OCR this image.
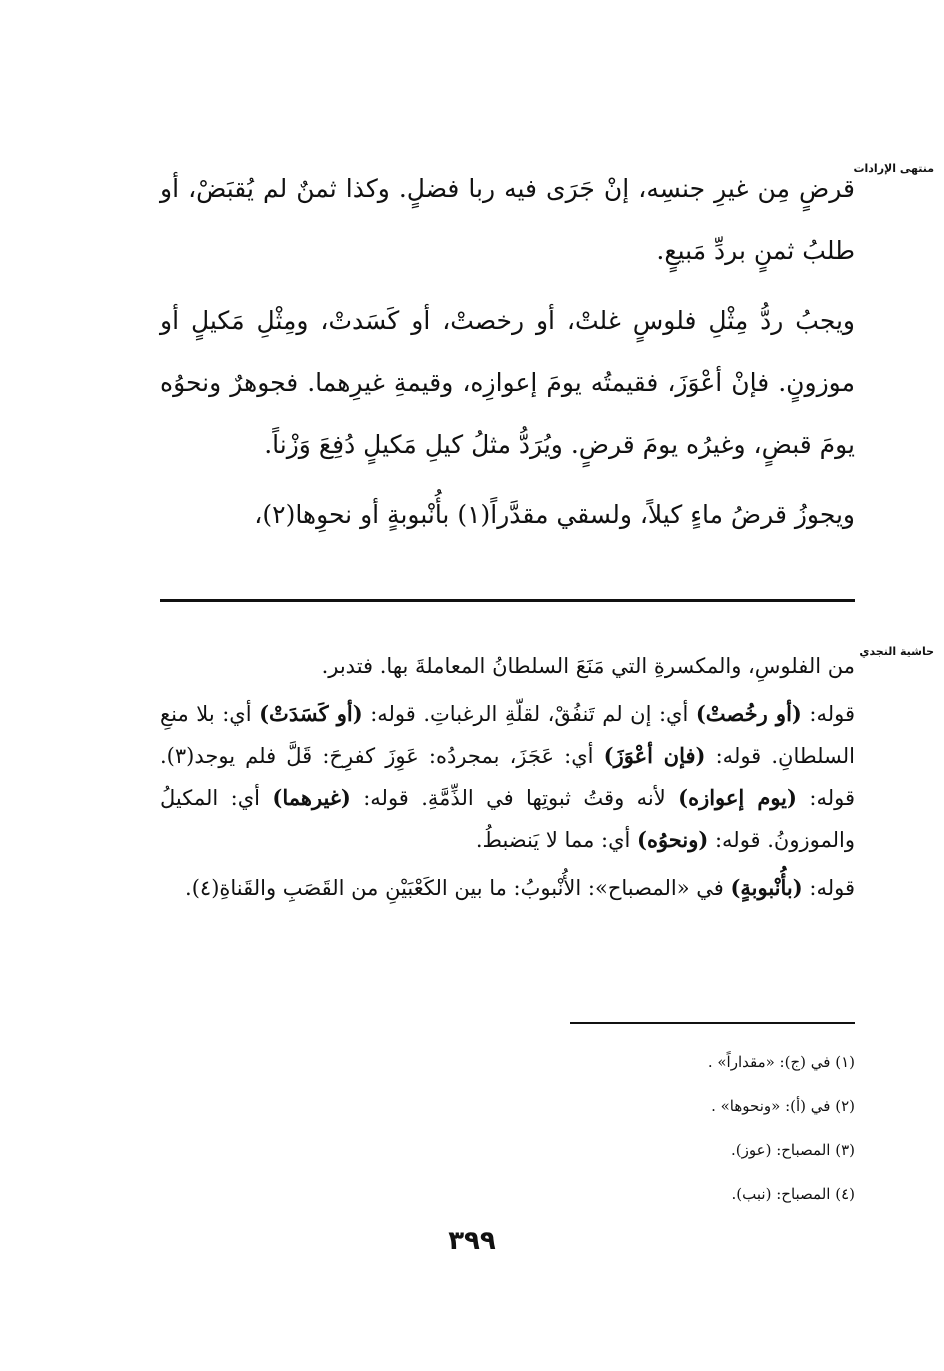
منتهى الإرادات

قرضٍ مِن غيرِ جنسِه، إنْ جَرَى فيه ربا فضلٍ. وكذا ثمنٌ لم يُقبَضْ، أو طلبُ ثمنٍ بردِّ مَبيعٍ.

ويجبُ ردُّ مِثْلِ فلوسٍ غلتْ، أو رخصتْ، أو كَسَدتْ، ومِثْلِ مَكيلٍ أو موزونٍ. فإنْ أعْوَزَ، فقيمتُه يومَ إعوازِه، وقيمةِ غيرِهما. فجوهرٌ ونحوُه يومَ قبضٍ، وغيرُه يومَ قرضٍ. ويُرَدُّ مثلُ كيلِ مَكيلٍ دُفِعَ وَزْناً.

ويجوزُ قرضُ ماءٍ كيلاً، ولسقي مقدَّراً(١) بأُنْبوبةٍ أو نحوِها(٢)،

حاشية النجدي

من الفلوسِ، والمكسرةِ التي مَنَعَ السلطانُ المعاملةَ بها. فتدبر.

قوله: (أو رخُصتْ) أي: إن لم تَنفُقْ، لقلّةِ الرغباتِ. قوله: (أو كَسَدَتْ) أي: بلا منعِ السلطانِ. قوله: (فإن أعْوَزَ) أي: عَجَزَ، بمجردُه: عَوِزَ كفرِحَ: قَلَّ فلم يوجد(٣). قوله: (يوم إعوازه) لأنه وقتُ ثبوتِها في الذِّمَّةِ. قوله: (غيرهما) أي: المكيلُ والموزونُ. قوله: (ونحوُه) أي: مما لا يَنضبطُ.

قوله: (بأُنْبوبةٍ) في «المصباح»: الأُنْبوبُ: ما بين الكَعْبَيْنِ من القَصَبِ والقَناةِ(٤).

(١) في (ج): «مقداراً» .
(٢) في (أ): «ونحوها» .
(٣) المصباح: (عوز).
(٤) المصباح: (نبب).
٣٩٩
